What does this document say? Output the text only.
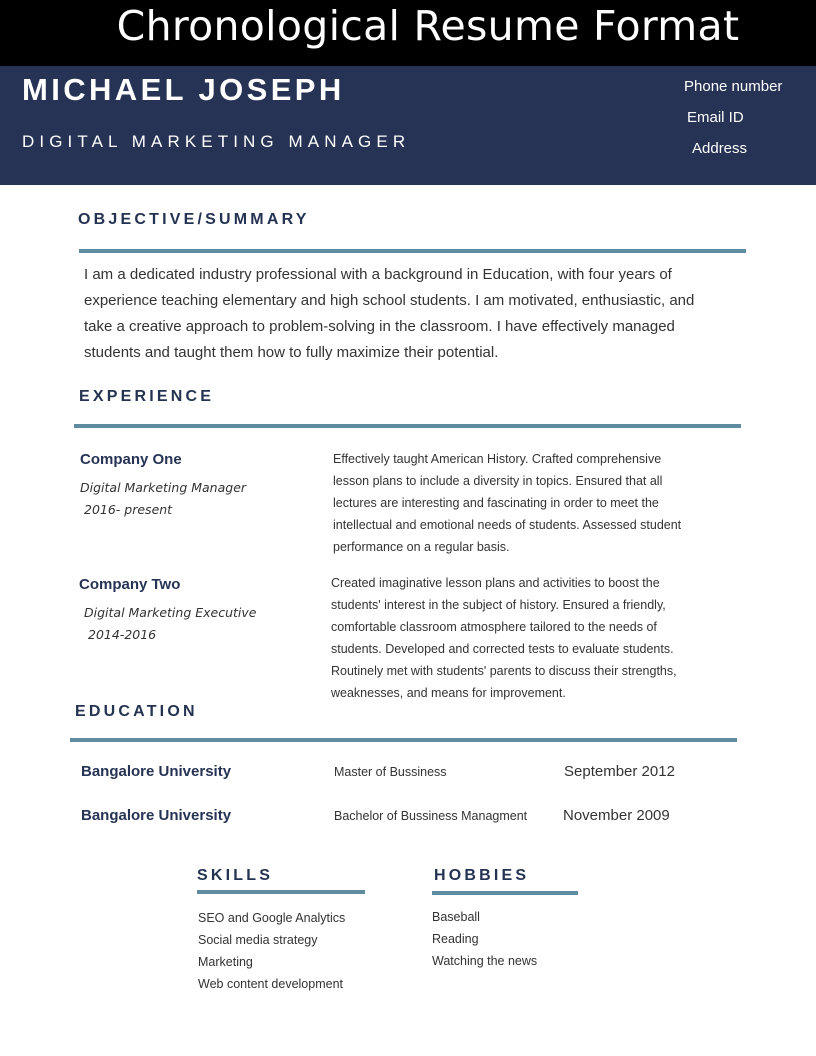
Chronological Resume Format
MICHAEL JOSEPH
DIGITAL MARKETING MANAGER
Phone number
Email ID
Address
OBJECTIVE/SUMMARY
I am a dedicated industry professional with a background in Education, with four years of
experience teaching elementary and high school students. I am motivated, enthusiastic, and
take a creative approach to problem-solving in the classroom. I have effectively managed
students and taught them how to fully maximize their potential.
EXPERIENCE
Company One
Digital Marketing Manager
2016- present
Effectively taught American History. Crafted comprehensive
lesson plans to include a diversity in topics. Ensured that all
lectures are interesting and fascinating in order to meet the
intellectual and emotional needs of students. Assessed student
performance on a regular basis.
Company Two
Digital Marketing Executive
2014-2016
Created imaginative lesson plans and activities to boost the
students' interest in the subject of history. Ensured a friendly,
comfortable classroom atmosphere tailored to the needs of
students. Developed and corrected tests to evaluate students.
Routinely met with students' parents to discuss their strengths,
weaknesses, and means for improvement.
EDUCATION
Bangalore University	Master of Bussiness	September 2012
Bangalore University	Bachelor of Bussiness Managment November 2009
SKILLS
SEO and Google Analytics
Social media strategy
Marketing
Web content development
HOBBIES
Baseball
Reading
Watching the news
